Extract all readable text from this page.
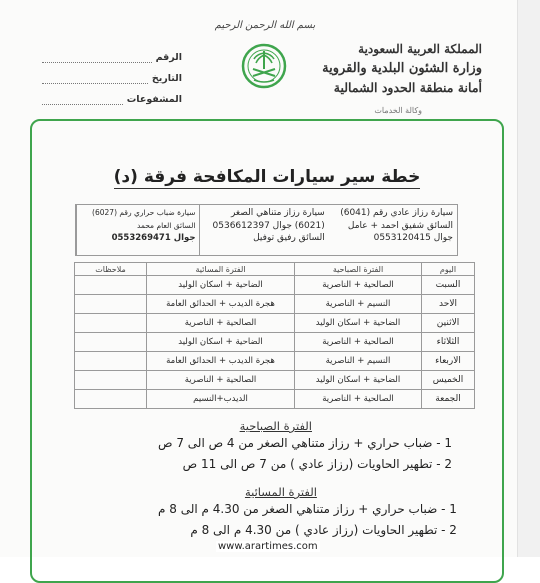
المملكة العربية السعودية
وزارة الشئون البلدية والقروية
أمانة منطقة الحدود الشمالية
وكالة الخدمات
بسم الله الرحمن الرحيم
الرقم
التاريخ
المشفوعات
خطة سير سيارات المكافحة فرقة (د)
سيارة ضباب حراري رقم (6027)
السائق العام محمد
جوال 0553269471
سيارة رزاز متناهي الصغر
(6021) جوال 0536612397
السائق رفيق توفيل
سيارة رزاز عادي رقم (6041)
السائق شفيق احمد + عامل
جوال 0553120415
اليوم	الفترة الصباحية	الفترة المسائية	ملاحظات
السبت	الصالحية + الناصرية	الضاحية + اسكان الوليد	
الاحد	النسيم + الناصرية	هجرة الديدب + الحدائق العامة	
الاثنين	الضاحية + اسكان الوليد	الصالحية + الناصرية	
الثلاثاء	الصالحية + الناصرية	الضاحية + اسكان الوليد	
الاربعاء	النسيم + الناصرية	هجرة الديدب + الحدائق العامة	
الخميس	الضاحية + اسكان الوليد	الصالحية + الناصرية	
الجمعة	الصالحية + الناصرية	الديدب+النسيم	
الفترة الصباحية
1 - ضباب حراري + رزاز متناهي الصغر من 4 ص الى 7 ص
2 - تطهير الحاويات (رزاز عادي ) من 7 ص الى 11 ص
الفترة المسائية
1 - ضباب حراري + رزاز متناهي الصغر من 4.30 م الى 8 م
2 - تطهير الحاويات (رزاز عادي ) من 4.30 م الى 8 م
www.arartimes.com
